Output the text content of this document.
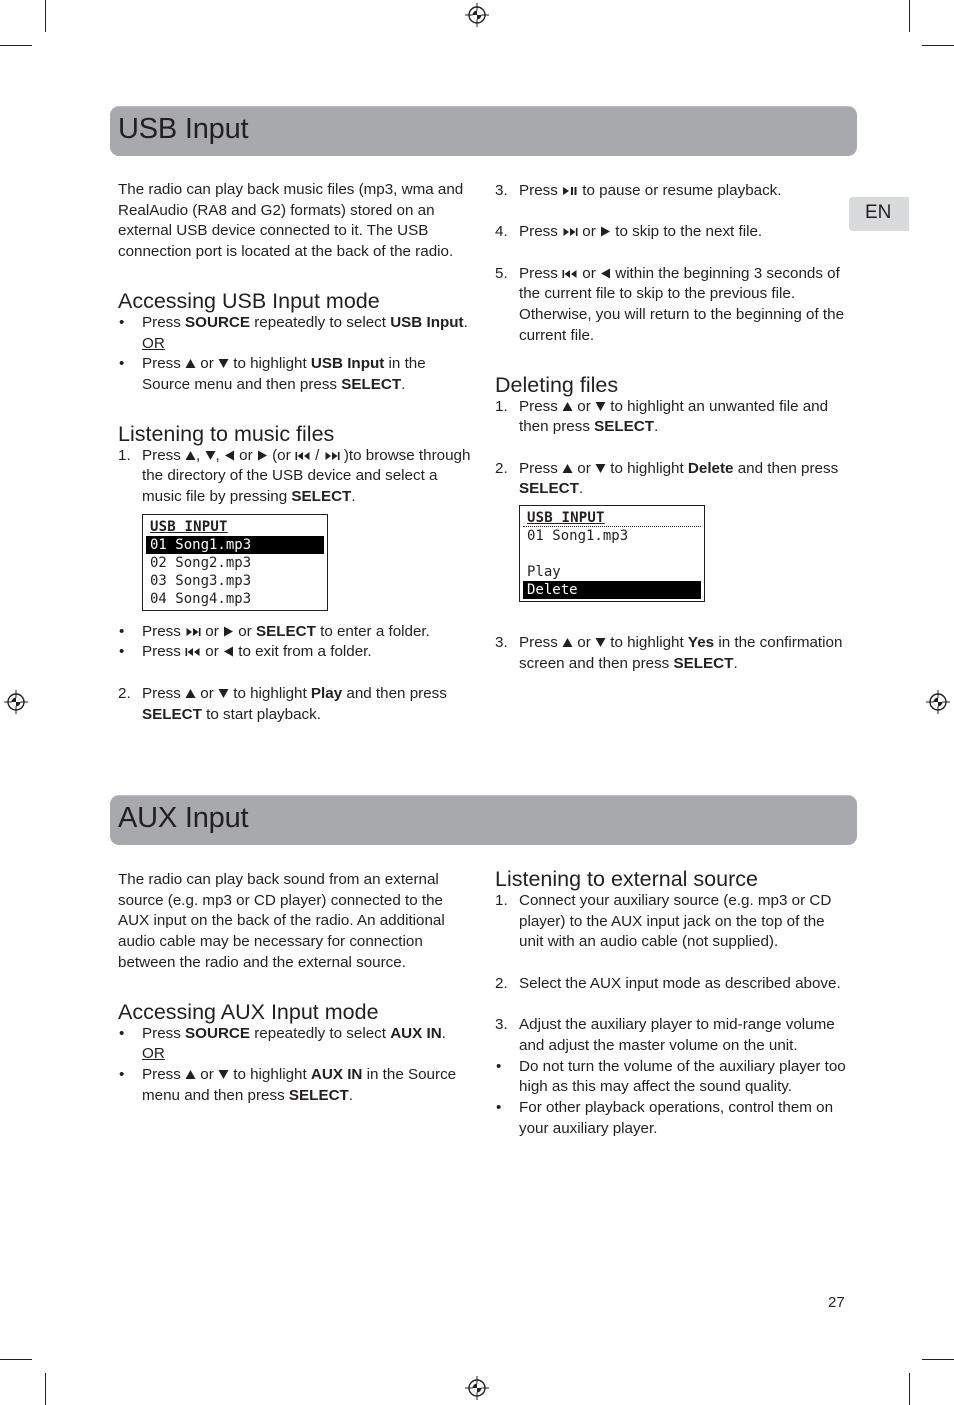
EN
USB Input

The radio can play back music files (mp3, wma and RealAudio (RA8 and G2) formats) stored on an external USB device connected to it. The USB connection port is located at the back of the radio.

Accessing USB Input mode
• Press SOURCE repeatedly to select USB Input.
OR
• Press  or  to highlight USB Input in the Source menu and then press SELECT.
Listening to music files
1. Press , ,  or  (or  /  )to browse through the directory of the USB device and select a music file by pressing SELECT.
USB INPUT
01 Song1.mp3
02 Song2.mp3
03 Song3.mp3
04 Song4.mp3
• Press  or  or SELECT to enter a folder.
• Press  or  to exit from a folder.
2. Press  or  to highlight Play and then press SELECT to start playback.
3. Press  to pause or resume playback.
4. Press  or  to skip to the next file.
5. Press  or  within the beginning 3 seconds of the current file to skip to the previous file. Otherwise, you will return to the beginning of the current file.
Deleting files
1. Press  or  to highlight an unwanted file and then press SELECT.
2. Press  or  to highlight Delete and then press SELECT.
USB INPUT
01 Song1.mp3
Play
Delete
3. Press  or  to highlight Yes in the confirmation screen and then press SELECT.
AUX Input

The radio can play back sound from an external source (e.g. mp3 or CD player) connected to the AUX input on the back of the radio. An additional audio cable may be necessary for connection between the radio and the external source.

Accessing AUX Input mode
• Press SOURCE repeatedly to select AUX IN.
OR
• Press  or  to highlight AUX IN in the Source menu and then press SELECT.
Listening to external source
1. Connect your auxiliary source (e.g. mp3 or CD player) to the AUX input jack on the top of the unit with an audio cable (not supplied).
2. Select the AUX input mode as described above.
3. Adjust the auxiliary player to mid-range volume and adjust the master volume on the unit.
• Do not turn the volume of the auxiliary player too high as this may affect the sound quality.
• For other playback operations, control them on your auxiliary player.
27
